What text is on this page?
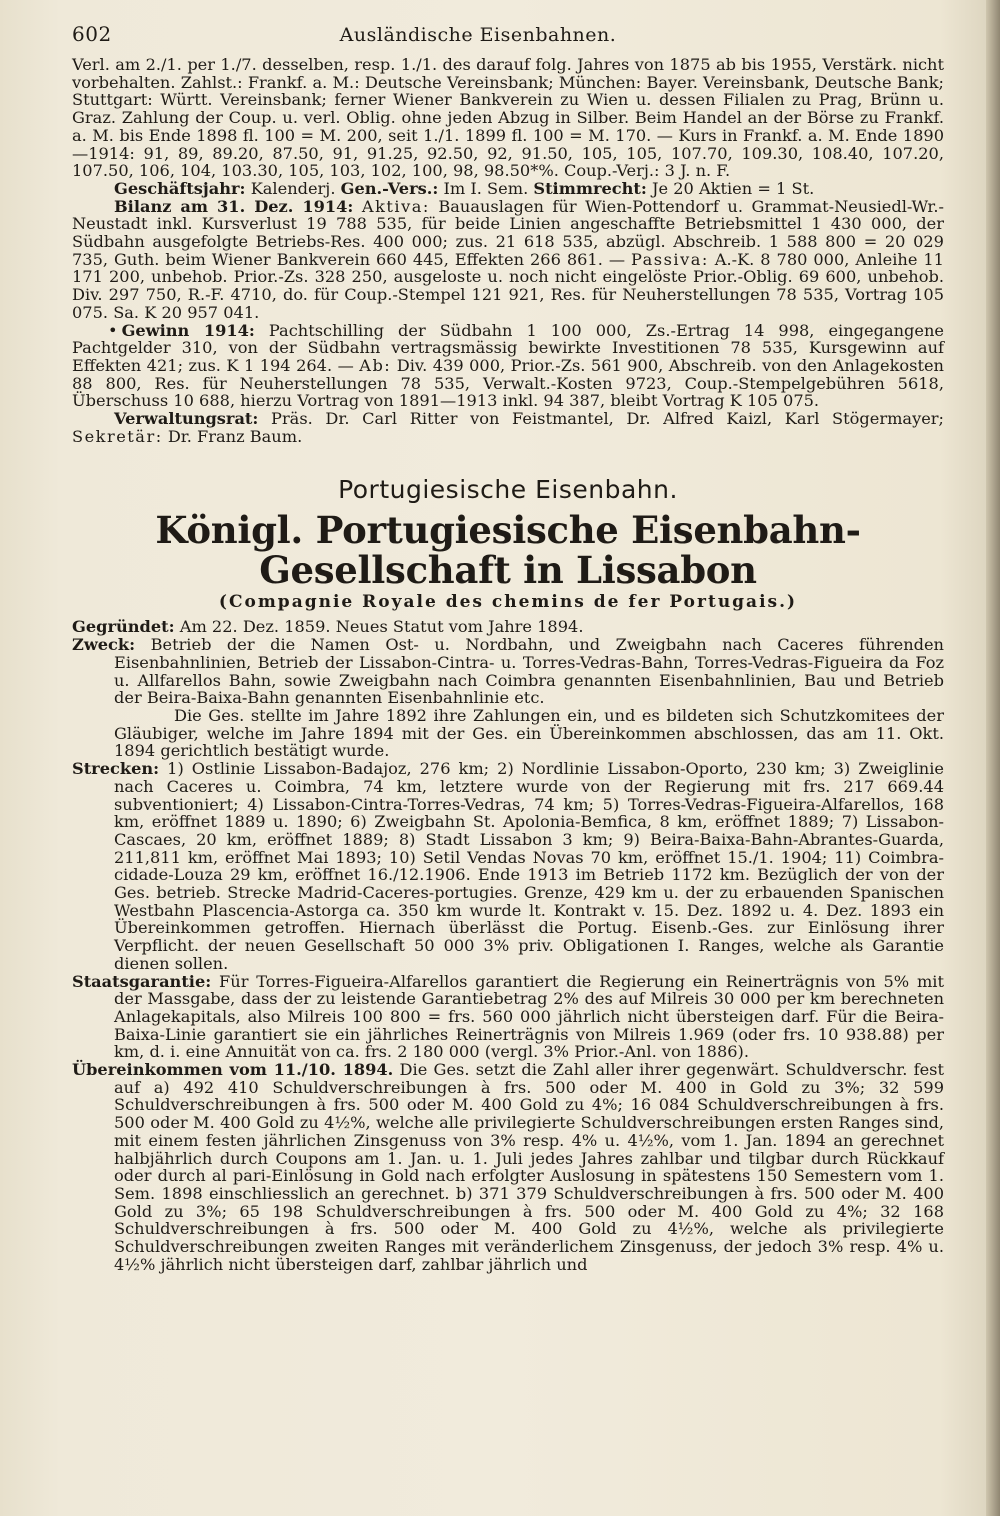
602	Ausländische Eisenbahnen.

Verl. am 2./1. per 1./7. desselben, resp. 1./1. des darauf folg. Jahres von 1875 ab bis 1955, Verstärk. nicht vorbehalten. Zahlst.: Frankf. a. M.: Deutsche Vereinsbank; München: Bayer. Vereinsbank, Deutsche Bank; Stuttgart: Württ. Vereinsbank; ferner Wiener Bankverein zu Wien u. dessen Filialen zu Prag, Brünn u. Graz. Zahlung der Coup. u. verl. Oblig. ohne jeden Abzug in Silber. Beim Handel an der Börse zu Frankf. a. M. bis Ende 1898 fl. 100 = M. 200, seit 1./1. 1899 fl. 100 = M. 170. — Kurs in Frankf. a. M. Ende 1890—1914: 91, 89, 89.20, 87.50, 91, 91.25, 92.50, 92, 91.50, 105, 105, 107.70, 109.30, 108.40, 107.20, 107.50, 106, 104, 103.30, 105, 103, 102, 100, 98, 98.50*%. Coup.-Verj.: 3 J. n. F.

Geschäftsjahr: Kalenderj. Gen.-Vers.: Im I. Sem. Stimmrecht: Je 20 Aktien = 1 St.

Bilanz am 31. Dez. 1914: Aktiva: Bauauslagen für Wien-Pottendorf u. Grammat-Neusiedl-Wr.-Neustadt inkl. Kursverlust 19 788 535, für beide Linien angeschaffte Betriebsmittel 1 430 000, der Südbahn ausgefolgte Betriebs-Res. 400 000; zus. 21 618 535, abzügl. Abschreib. 1 588 800 = 20 029 735, Guth. beim Wiener Bankverein 660 445, Effekten 266 861. — Passiva: A.-K. 8 780 000, Anleihe 11 171 200, unbehob. Prior.-Zs. 328 250, ausgeloste u. noch nicht eingelöste Prior.-Oblig. 69 600, unbehob. Div. 297 750, R.-F. 4710, do. für Coup.-Stempel 121 921, Res. für Neuherstellungen 78 535, Vortrag 105 075. Sa. K 20 957 041.

• Gewinn 1914: Pachtschilling der Südbahn 1 100 000, Zs.-Ertrag 14 998, eingegangene Pachtgelder 310, von der Südbahn vertragsmässig bewirkte Investitionen 78 535, Kursgewinn auf Effekten 421; zus. K 1 194 264. — Ab: Div. 439 000, Prior.-Zs. 561 900, Abschreib. von den Anlagekosten 88 800, Res. für Neuherstellungen 78 535, Verwalt.-Kosten 9723, Coup.-Stempelgebühren 5618, Überschuss 10 688, hierzu Vortrag von 1891—1913 inkl. 94 387, bleibt Vortrag K 105 075.

Verwaltungsrat: Präs. Dr. Carl Ritter von Feistmantel, Dr. Alfred Kaizl, Karl Stögermayer; Sekretär: Dr. Franz Baum.

Portugiesische Eisenbahn.
Königl. Portugiesische Eisenbahn-Gesellschaft in Lissabon
(Compagnie Royale des chemins de fer Portugais.)

Gegründet: Am 22. Dez. 1859. Neues Statut vom Jahre 1894.

Zweck: Betrieb der die Namen Ost- u. Nordbahn, und Zweigbahn nach Caceres führenden Eisenbahnlinien, Betrieb der Lissabon-Cintra- u. Torres-Vedras-Bahn, Torres-Vedras-Figueira da Foz u. Allfarellos Bahn, sowie Zweigbahn nach Coimbra genannten Eisenbahnlinien, Bau und Betrieb der Beira-Baixa-Bahn genannten Eisenbahnlinie etc.

Die Ges. stellte im Jahre 1892 ihre Zahlungen ein, und es bildeten sich Schutzkomitees der Gläubiger, welche im Jahre 1894 mit der Ges. ein Übereinkommen abschlossen, das am 11. Okt. 1894 gerichtlich bestätigt wurde.

Strecken: 1) Ostlinie Lissabon-Badajoz, 276 km; 2) Nordlinie Lissabon-Oporto, 230 km; 3) Zweiglinie nach Caceres u. Coimbra, 74 km, letztere wurde von der Regierung mit frs. 217 669.44 subventioniert; 4) Lissabon-Cintra-Torres-Vedras, 74 km; 5) Torres-Vedras-Figueira-Alfarellos, 168 km, eröffnet 1889 u. 1890; 6) Zweigbahn St. Apolonia-Bemfica, 8 km, eröffnet 1889; 7) Lissabon-Cascaes, 20 km, eröffnet 1889; 8) Stadt Lissabon 3 km; 9) Beira-Baixa-Bahn-Abrantes-Guarda, 211,811 km, eröffnet Mai 1893; 10) Setil Vendas Novas 70 km, eröffnet 15./1. 1904; 11) Coimbra-cidade-Louza 29 km, eröffnet 16./12.1906. Ende 1913 im Betrieb 1172 km. Bezüglich der von der Ges. betrieb. Strecke Madrid-Caceres-portugies. Grenze, 429 km u. der zu erbauenden Spanischen Westbahn Plascencia-Astorga ca. 350 km wurde lt. Kontrakt v. 15. Dez. 1892 u. 4. Dez. 1893 ein Übereinkommen getroffen. Hiernach überlässt die Portug. Eisenb.-Ges. zur Einlösung ihrer Verpflicht. der neuen Gesellschaft 50 000 3% priv. Obligationen I. Ranges, welche als Garantie dienen sollen.

Staatsgarantie: Für Torres-Figueira-Alfarellos garantiert die Regierung ein Reinerträgnis von 5% mit der Massgabe, dass der zu leistende Garantiebetrag 2% des auf Milreis 30 000 per km berechneten Anlagekapitals, also Milreis 100 800 = frs. 560 000 jährlich nicht übersteigen darf. Für die Beira-Baixa-Linie garantiert sie ein jährliches Reinerträgnis von Milreis 1.969 (oder frs. 10 938.88) per km, d. i. eine Annuität von ca. frs. 2 180 000 (vergl. 3% Prior.-Anl. von 1886).

Übereinkommen vom 11./10. 1894. Die Ges. setzt die Zahl aller ihrer gegenwärt. Schuldverschr. fest auf a) 492 410 Schuldverschreibungen à frs. 500 oder M. 400 in Gold zu 3%; 32 599 Schuldverschreibungen à frs. 500 oder M. 400 Gold zu 4%; 16 084 Schuldverschreibungen à frs. 500 oder M. 400 Gold zu 4½%, welche alle privilegierte Schuldverschreibungen ersten Ranges sind, mit einem festen jährlichen Zinsgenuss von 3% resp. 4% u. 4½%, vom 1. Jan. 1894 an gerechnet halbjährlich durch Coupons am 1. Jan. u. 1. Juli jedes Jahres zahlbar und tilgbar durch Rückkauf oder durch al pari-Einlösung in Gold nach erfolgter Auslosung in spätestens 150 Semestern vom 1. Sem. 1898 einschliesslich an gerechnet. b) 371 379 Schuldverschreibungen à frs. 500 oder M. 400 Gold zu 3%; 65 198 Schuldverschreibungen à frs. 500 oder M. 400 Gold zu 4%; 32 168 Schuldverschreibungen à frs. 500 oder M. 400 Gold zu 4½%, welche als privilegierte Schuldverschreibungen zweiten Ranges mit veränderlichem Zinsgenuss, der jedoch 3% resp. 4% u. 4½% jährlich nicht übersteigen darf, zahlbar jährlich und
